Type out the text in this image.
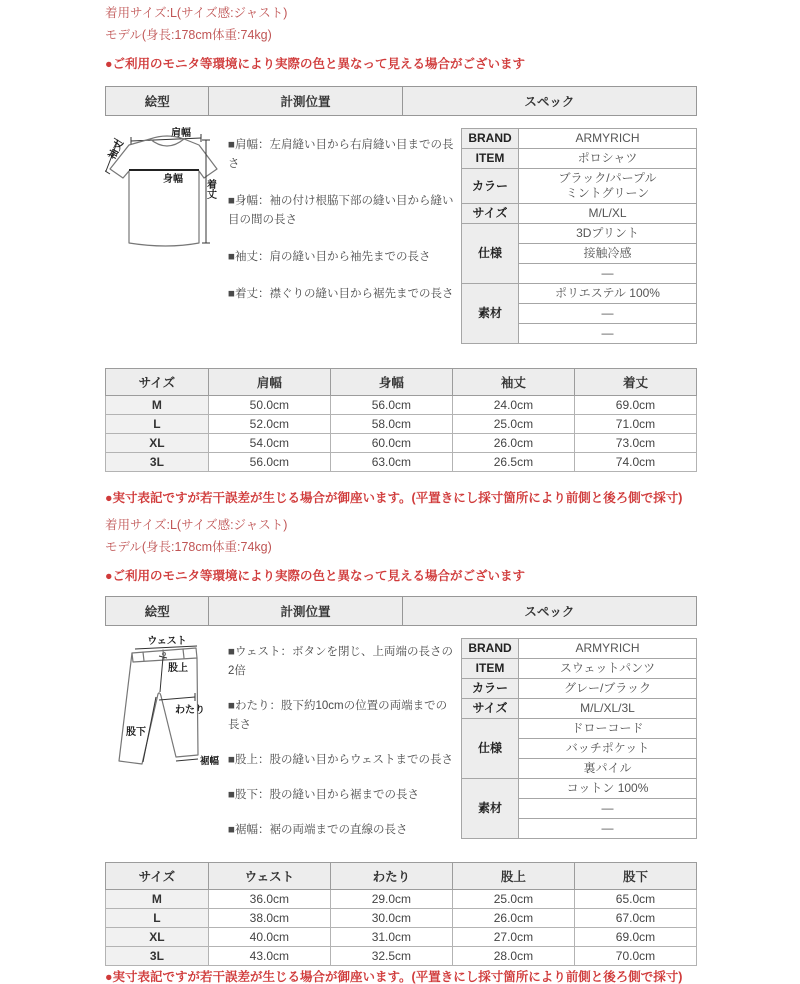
着用サイズ:L(サイズ感:ジャスト)
モデル(身長:178cm体重:74kg)
●ご利用のモニタ等環境により実際の色と異なって見える場合がございます
絵型	計測位置	スペック
肩幅
袖丈
身幅 着丈
■肩幅：左肩縫い目から右肩縫い目までの長さ
■身幅：袖の付け根脇下部の縫い目から縫い目の間の長さ
■袖丈：肩の縫い目から袖先までの長さ
■着丈：襟ぐりの縫い目から裾先までの長さ
BRAND	ARMYRICH
ITEM	ポロシャツ
カラー	ブラック/パープル
ミントグリーン

サイズ	M/L/XL
仕様	3Dプリント
	接触冷感
	—
素材	ポリエステル 100%
	—
	—
サイズ	肩幅	身幅	袖丈	着丈
M	50.0cm	56.0cm	24.0cm	69.0cm
L	52.0cm	58.0cm	25.0cm	71.0cm
XL	54.0cm	60.0cm	26.0cm	73.0cm
3L	56.0cm	63.0cm	26.5cm	74.0cm
●実寸表記ですが若干誤差が生じる場合が御座います。(平置きにし採寸箇所により前側と後ろ側で採寸)
着用サイズ:L(サイズ感:ジャスト)
モデル(身長:178cm体重:74kg)
●ご利用のモニタ等環境により実際の色と異なって見える場合がございます
絵型	計測位置	スペック
ウェスト
股上
わたり
股下
裾幅
■ウェスト：ボタンを閉じ、上両端の長さの2倍
■わたり：股下約10cmの位置の両端までの長さ
■股上：股の縫い目からウェストまでの長さ
■股下：股の縫い目から裾までの長さ
■裾幅：裾の両端までの直線の長さ
BRAND	ARMYRICH
ITEM	スウェットパンツ
カラー	グレー/ブラック
サイズ	M/L/XL/3L
仕様	ドローコード
	バッチポケット
	裏パイル
素材	コットン 100%
	—
	—
サイズ	ウェスト	わたり	股上	股下
M	36.0cm	29.0cm	25.0cm	65.0cm
L	38.0cm	30.0cm	26.0cm	67.0cm
XL	40.0cm	31.0cm	27.0cm	69.0cm
3L	43.0cm	32.5cm	28.0cm	70.0cm
●実寸表記ですが若干誤差が生じる場合が御座います。(平置きにし採寸箇所により前側と後ろ側で採寸)
